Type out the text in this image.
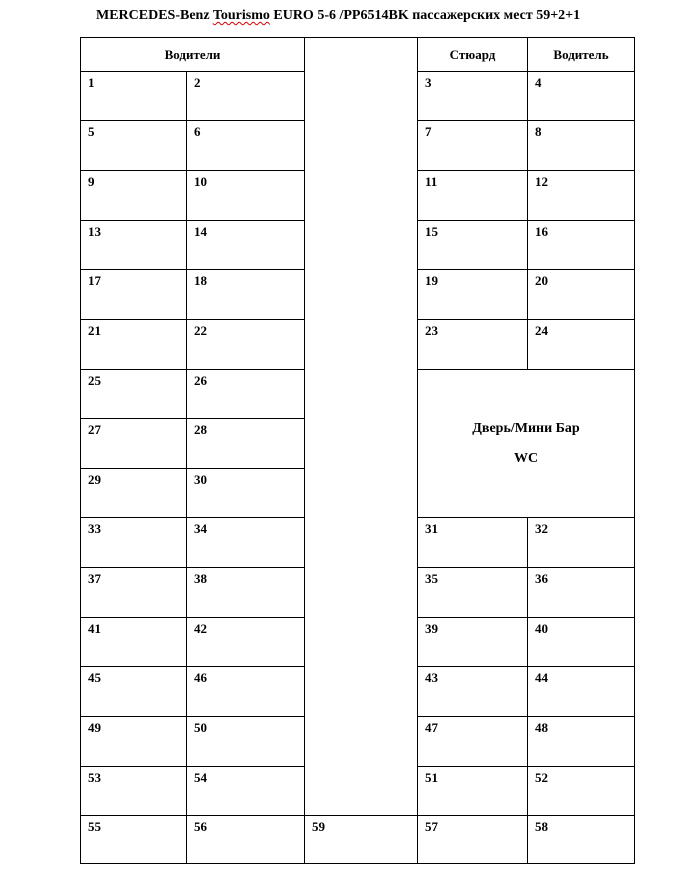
MERCEDES-Benz Tourismo EURO 5-6 /PP6514BK пассажерских мест 59+2+1
Водители	Стюард	Водитель
1	2	3	4
5	6	7	8
9	10	11	12
13	14	15	16
17	18	19	20
21	22	23	24
25	26
27	28
29	30
Дверь/Мини Бар
WC
33	34	31	32
37	38	35	36
41	42	39	40
45	46	43	44
49	50	47	48
53	54	51	52
55	56	59	57	58
